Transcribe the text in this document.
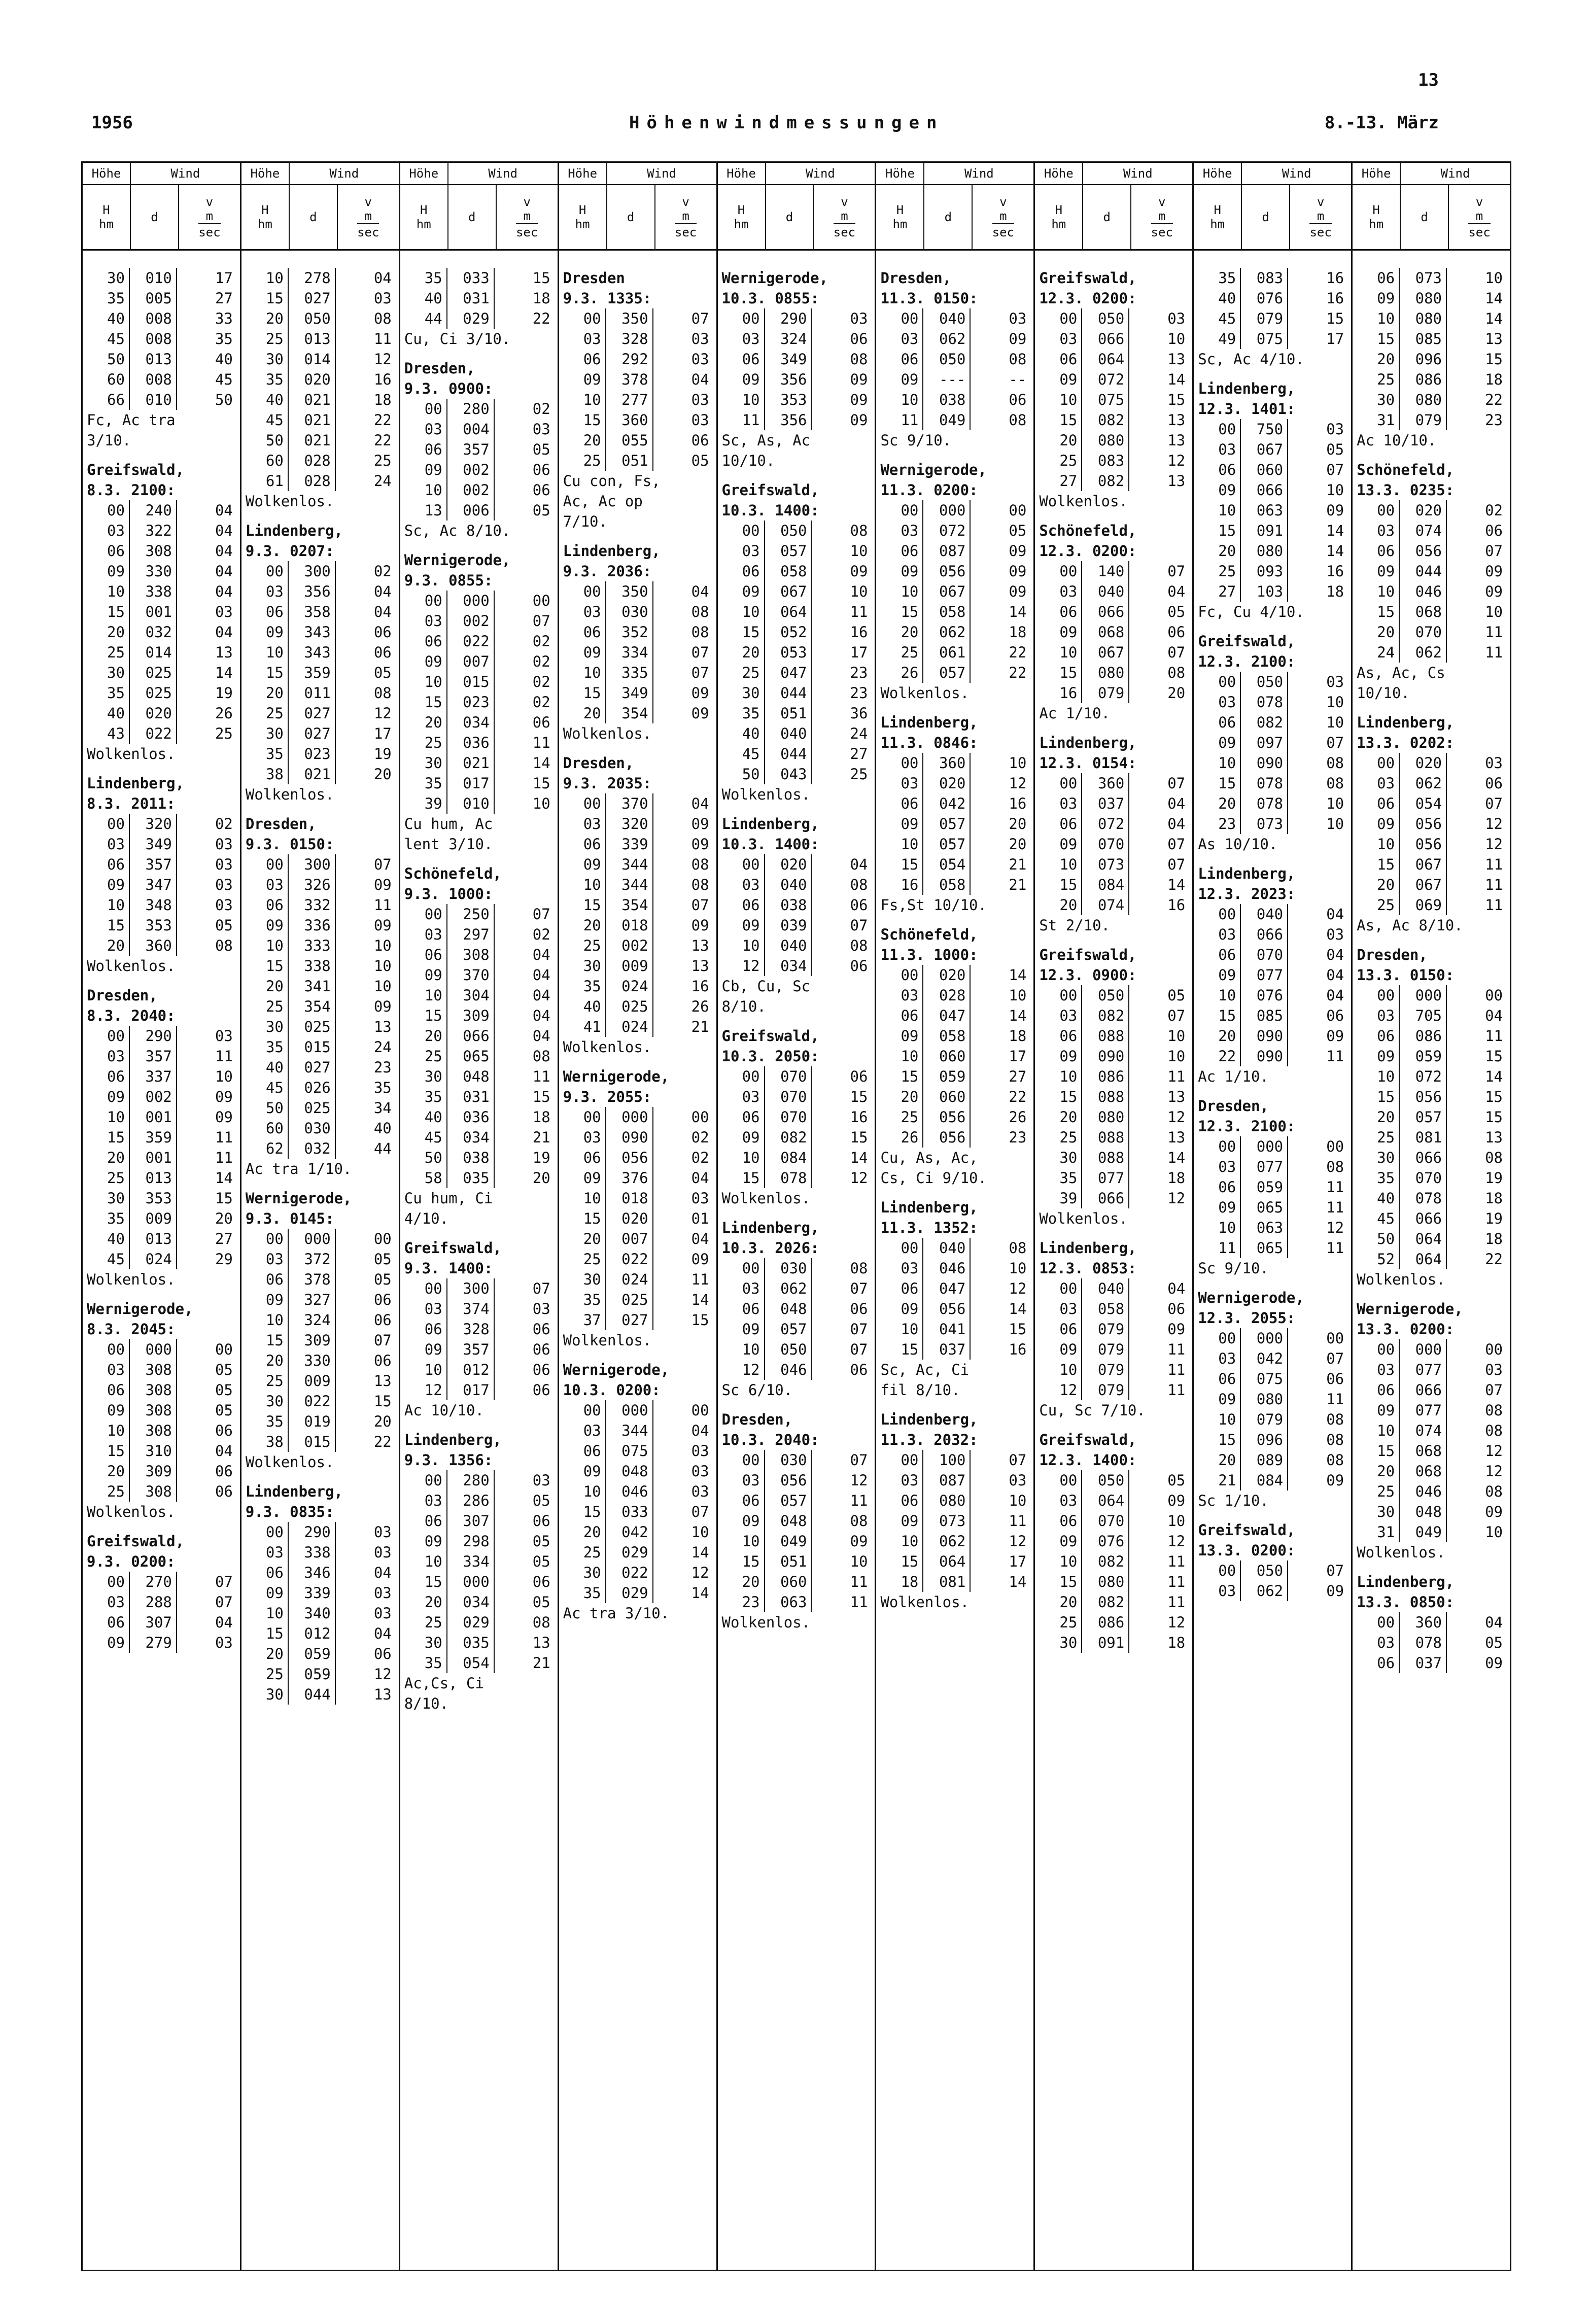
13
1956	Höhenwindmessungen	8.-13. März
Höhe	Wind
H
hm	d
v
m
sec
30	010	17
35	005	27
40	008	33
45	008	35
50	013	40
60	008	45
66	010	50
Fc, Ac tra
3/10.
Greifswald,
8.3. 2100:
00	240	04
03	322	04
06	308	04
09	330	04
10	338	04
15	001	03
20	032	04
25	014	13
30	025	14
35	025	19
40	020	26
43	022	25
Wolkenlos.
Lindenberg,
8.3. 2011:
00	320	02
03	349	03
06	357	03
09	347	03
10	348	03
15	353	05
20	360	08
Wolkenlos.
Dresden,
8.3. 2040:
00	290	03
03	357	11
06	337	10
09	002	09
10	001	09
15	359	11
20	001	11
25	013	14
30	353	15
35	009	20
40	013	27
45	024	29
Wolkenlos.
Wernigerode,
8.3. 2045:
00	000	00
03	308	05
06	308	05
09	308	05
10	308	06
15	310	04
20	309	06
25	308	06
Wolkenlos.
Greifswald,
9.3. 0200:
00	270	07
03	288	07
06	307	04
09	279	03
Höhe	Wind
H
hm	d
v
m
sec
10	278	04
15	027	03
20	050	08
25	013	11
30	014	12
35	020	16
40	021	18
45	021	22
50	021	22
60	028	25
61	028	24
Wolkenlos.
Lindenberg,
9.3. 0207:
00	300	02
03	356	04
06	358	04
09	343	06
10	343	06
15	359	05
20	011	08
25	027	12
30	027	17
35	023	19
38	021	20
Wolkenlos.
Dresden,
9.3. 0150:
00	300	07
03	326	09
06	332	11
09	336	09
10	333	10
15	338	10
20	341	10
25	354	09
30	025	13
35	015	24
40	027	23
45	026	35
50	025	34
60	030	40
62	032	44
Ac tra 1/10.
Wernigerode,
9.3. 0145:
00	000	00
03	372	05
06	378	05
09	327	06
10	324	06
15	309	07
20	330	06
25	009	13
30	022	15
35	019	20
38	015	22
Wolkenlos.
Lindenberg,
9.3. 0835:
00	290	03
03	338	03
06	346	04
09	339	03
10	340	03
15	012	04
20	059	06
25	059	12
30	044	13
Höhe	Wind
H
hm	d
v
m
sec
35	033	15
40	031	18
44	029	22
Cu, Ci 3/10.
Dresden,
9.3. 0900:
00	280	02
03	004	03
06	357	05
09	002	06
10	002	06
13	006	05
Sc, Ac 8/10.
Wernigerode,
9.3. 0855:
00	000	00
03	002	07
06	022	02
09	007	02
10	015	02
15	023	02
20	034	06
25	036	11
30	021	14
35	017	15
39	010	10
Cu hum, Ac
lent 3/10.
Schönefeld,
9.3. 1000:
00	250	07
03	297	02
06	308	04
09	370	04
10	304	04
15	309	04
20	066	04
25	065	08
30	048	11
35	031	15
40	036	18
45	034	21
50	038	19
58	035	20
Cu hum, Ci
4/10.
Greifswald,
9.3. 1400:
00	300	07
03	374	03
06	328	06
09	357	06
10	012	06
12	017	06
Ac 10/10.
Lindenberg,
9.3. 1356:
00	280	03
03	286	05
06	307	06
09	298	05
10	334	05
15	000	06
20	034	05
25	029	08
30	035	13
35	054	21
Ac,Cs, Ci
8/10.
Höhe	Wind
H
hm	d
v
m
sec
Dresden
9.3. 1335:
00	350	07
03	328	03
06	292	03
09	378	04
10	277	03
15	360	03
20	055	06
25	051	05
Cu con, Fs,
Ac, Ac op
7/10.
Lindenberg,
9.3. 2036:
00	350	04
03	030	08
06	352	08
09	334	07
10	335	07
15	349	09
20	354	09
Wolkenlos.
Dresden,
9.3. 2035:
00	370	04
03	320	09
06	339	09
09	344	08
10	344	08
15	354	07
20	018	09
25	002	13
30	009	13
35	024	16
40	025	26
41	024	21
Wolkenlos.
Wernigerode,
9.3. 2055:
00	000	00
03	090	02
06	056	02
09	376	04
10	018	03
15	020	01
20	007	04
25	022	09
30	024	11
35	025	14
37	027	15
Wolkenlos.
Wernigerode,
10.3. 0200:
00	000	00
03	344	04
06	075	03
09	048	03
10	046	03
15	033	07
20	042	10
25	029	14
30	022	12
35	029	14
Ac tra 3/10.
Höhe	Wind
H
hm	d
v
m
sec
Wernigerode,
10.3. 0855:
00	290	03
03	324	06
06	349	08
09	356	09
10	353	09
11	356	09
Sc, As, Ac
10/10.
Greifswald,
10.3. 1400:
00	050	08
03	057	10
06	058	09
09	067	10
10	064	11
15	052	16
20	053	17
25	047	23
30	044	23
35	051	36
40	040	24
45	044	27
50	043	25
Wolkenlos.
Lindenberg,
10.3. 1400:
00	020	04
03	040	08
06	038	06
09	039	07
10	040	08
12	034	06
Cb, Cu, Sc
8/10.
Greifswald,
10.3. 2050:
00	070	06
03	070	15
06	070	16
09	082	15
10	084	14
15	078	12
Wolkenlos.
Lindenberg,
10.3. 2026:
00	030	08
03	062	07
06	048	06
09	057	07
10	050	07
12	046	06
Sc 6/10.
Dresden,
10.3. 2040:
00	030	07
03	056	12
06	057	11
09	048	08
10	049	09
15	051	10
20	060	11
23	063	11
Wolkenlos.
Höhe	Wind
H
hm	d
v
m
sec
Dresden,
11.3. 0150:
00	040	03
03	062	09
06	050	08
09	---	--
10	038	06
11	049	08
Sc 9/10.
Wernigerode,
11.3. 0200:
00	000	00
03	072	05
06	087	09
09	056	09
10	067	09
15	058	14
20	062	18
25	061	22
26	057	22
Wolkenlos.
Lindenberg,
11.3. 0846:
00	360	10
03	020	12
06	042	16
09	057	20
10	057	20
15	054	21
16	058	21
Fs,St 10/10.
Schönefeld,
11.3. 1000:
00	020	14
03	028	10
06	047	14
09	058	18
10	060	17
15	059	27
20	060	22
25	056	26
26	056	23
Cu, As, Ac,
Cs, Ci 9/10.
Lindenberg,
11.3. 1352:
00	040	08
03	046	10
06	047	12
09	056	14
10	041	15
15	037	16
Sc, Ac, Ci
fil 8/10.
Lindenberg,
11.3. 2032:
00	100	07
03	087	03
06	080	10
09	073	11
10	062	12
15	064	17
18	081	14
Wolkenlos.
Höhe	Wind
H
hm	d
v
m
sec
Greifswald,
12.3. 0200:
00	050	03
03	066	10
06	064	13
09	072	14
10	075	15
15	082	13
20	080	13
25	083	12
27	082	13
Wolkenlos.
Schönefeld,
12.3. 0200:
00	140	07
03	040	04
06	066	05
09	068	06
10	067	07
15	080	08
16	079	20
Ac 1/10.
Lindenberg,
12.3. 0154:
00	360	07
03	037	04
06	072	04
09	070	07
10	073	07
15	084	14
20	074	16
St 2/10.
Greifswald,
12.3. 0900:
00	050	05
03	082	07
06	088	10
09	090	10
10	086	11
15	088	13
20	080	12
25	088	13
30	088	14
35	077	18
39	066	12
Wolkenlos.
Lindenberg,
12.3. 0853:
00	040	04
03	058	06
06	079	09
09	079	11
10	079	11
12	079	11
Cu, Sc 7/10.
Greifswald,
12.3. 1400:
00	050	05
03	064	09
06	070	10
09	076	12
10	082	11
15	080	11
20	082	11
25	086	12
30	091	18
Höhe	Wind
H
hm	d
v
m
sec
35	083	16
40	076	16
45	079	15
49	075	17
Sc, Ac 4/10.
Lindenberg,
12.3. 1401:
00	750	03
03	067	05
06	060	07
09	066	10
10	063	09
15	091	14
20	080	14
25	093	16
27	103	18
Fc, Cu 4/10.
Greifswald,
12.3. 2100:
00	050	03
03	078	10
06	082	10
09	097	07
10	090	08
15	078	08
20	078	10
23	073	10
As 10/10.
Lindenberg,
12.3. 2023:
00	040	04
03	066	03
06	070	04
09	077	04
10	076	04
15	085	06
20	090	09
22	090	11
Ac 1/10.
Dresden,
12.3. 2100:
00	000	00
03	077	08
06	059	11
09	065	11
10	063	12
11	065	11
Sc 9/10.
Wernigerode,
12.3. 2055:
00	000	00
03	042	07
06	075	06
09	080	11
10	079	08
15	096	08
20	089	08
21	084	09
Sc 1/10.
Greifswald,
13.3. 0200:
00	050	07
03	062	09
Höhe	Wind
H
hm	d
v
m
sec
06	073	10
09	080	14
10	080	14
15	085	13
20	096	15
25	086	18
30	080	22
31	079	23
Ac 10/10.
Schönefeld,
13.3. 0235:
00	020	02
03	074	06
06	056	07
09	044	09
10	046	09
15	068	10
20	070	11
24	062	11
As, Ac, Cs
10/10.
Lindenberg,
13.3. 0202:
00	020	03
03	062	06
06	054	07
09	056	12
10	056	12
15	067	11
20	067	11
25	069	11
As, Ac 8/10.
Dresden,
13.3. 0150:
00	000	00
03	705	04
06	086	11
09	059	15
10	072	14
15	056	15
20	057	15
25	081	13
30	066	08
35	070	19
40	078	18
45	066	19
50	064	18
52	064	22
Wolkenlos.
Wernigerode,
13.3. 0200:
00	000	00
03	077	03
06	066	07
09	077	08
10	074	08
15	068	12
20	068	12
25	046	08
30	048	09
31	049	10
Wolkenlos.
Lindenberg,
13.3. 0850:
00	360	04
03	078	05
06	037	09
